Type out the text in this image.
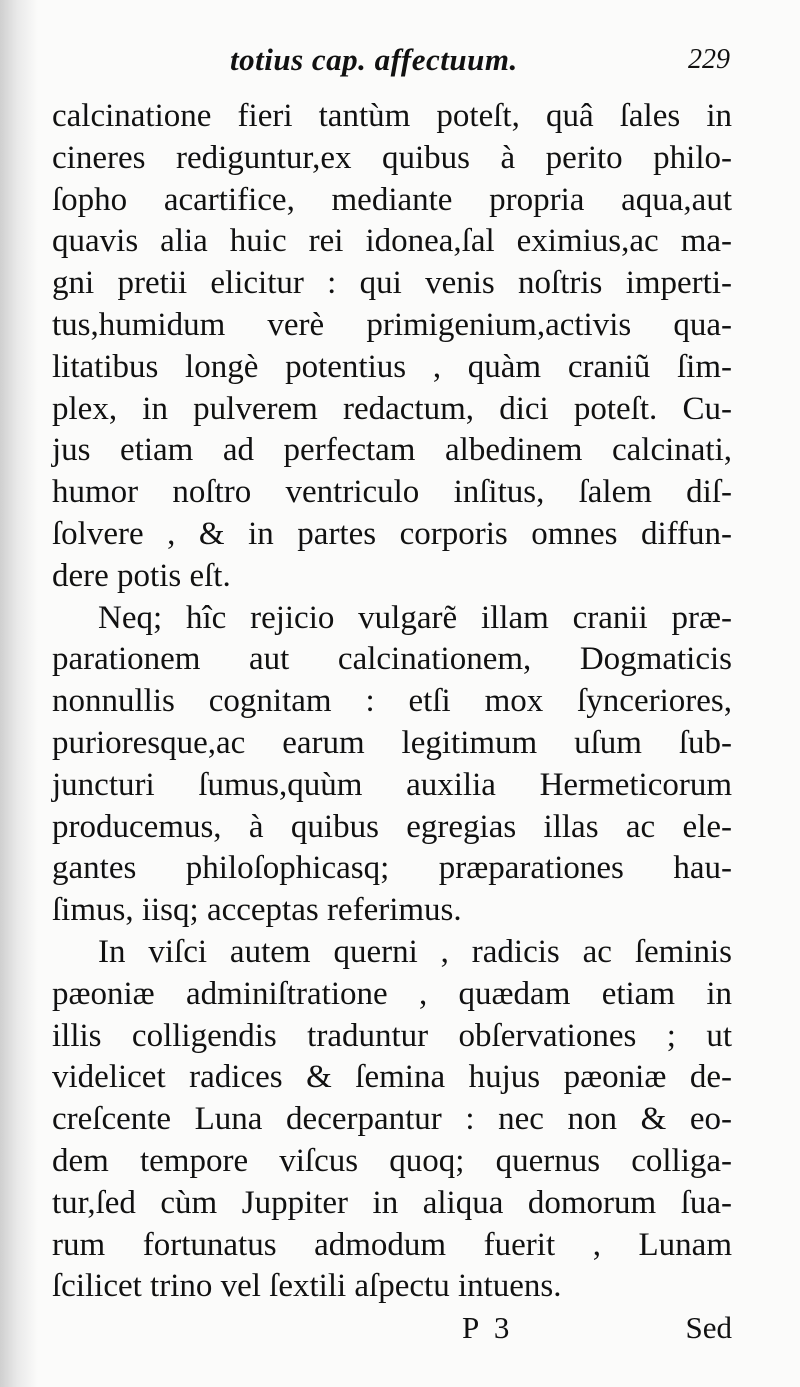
totius cap. affectuum.	229
calcinatione fieri tantùm poteſt, quâ ſales in
cineres rediguntur,ex quibus à perito philo-
ſopho acartifice, mediante propria aqua,aut
quavis alia huic rei idonea,ſal eximius,ac ma-
gni pretii elicitur : qui venis noſtris imperti-
tus,humidum verè primigenium,activis qua-
litatibus longè potentius , quàm craniũ ſim-
plex, in pulverem redactum, dici poteſt. Cu-
jus etiam ad perfectam albedinem calcinati,
humor noſtro ventriculo inſitus, ſalem diſ-
ſolvere , & in partes corporis omnes diffun-
dere potis eſt.
Neq; hîc rejicio vulgarẽ illam cranii præ-
parationem aut calcinationem, Dogmaticis
nonnullis cognitam : etſi mox ſynceriores,
purioresque,ac earum legitimum uſum ſub-
juncturi ſumus,quùm auxilia Hermeticorum
producemus, à quibus egregias illas ac ele-
gantes philoſophicasq; præparationes hau-
ſimus, iisq; acceptas referimus.
In viſci autem querni , radicis ac ſeminis
pæoniæ adminiſtratione , quædam etiam in
illis colligendis traduntur obſervationes ; ut
videlicet radices & ſemina hujus pæoniæ de-
creſcente Luna decerpantur : nec non & eo-
dem tempore viſcus quoq; quernus colliga-
tur,ſed cùm Juppiter in aliqua domorum ſua-
rum fortunatus admodum fuerit , Lunam
ſcilicet trino vel ſextili aſpectu intuens.
P 3	Sed
